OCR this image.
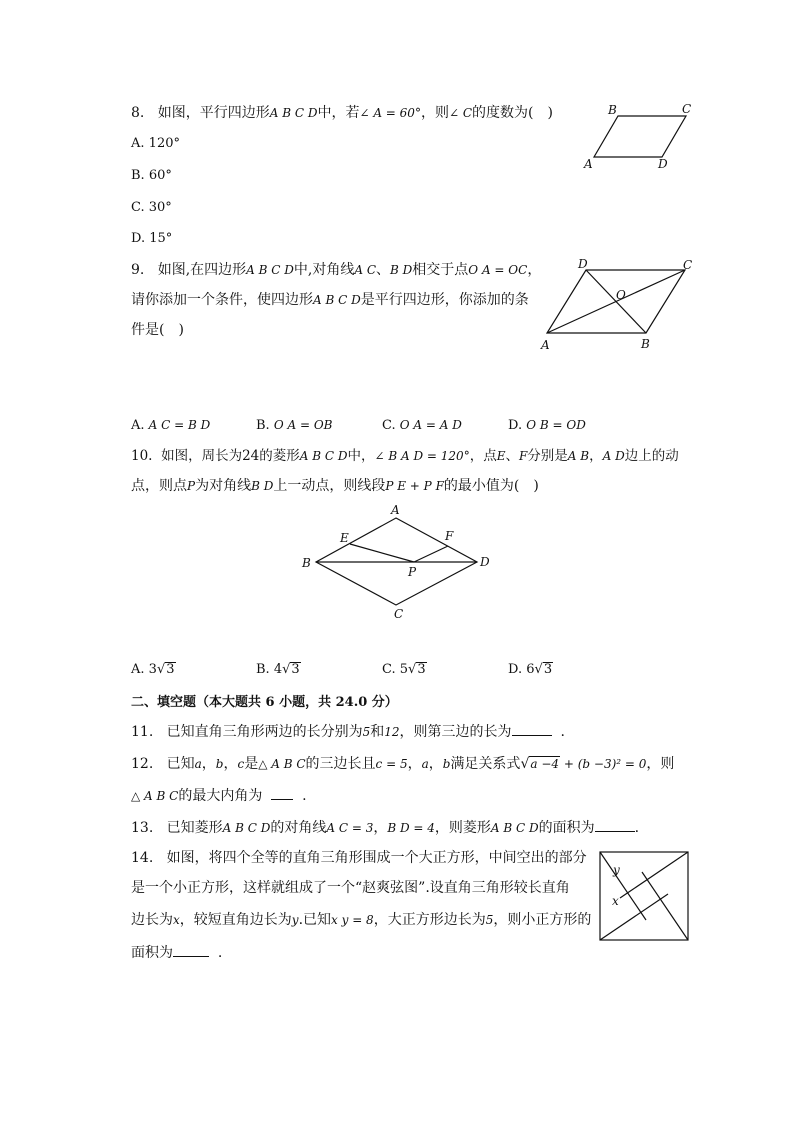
8. 如图，平行四边形A B C D中，若∠ A = 60°，则∠ C的度数为(　)
A. 120°
B. 60°
C. 30°
D. 15°
B	C
A	D
9. 如图,在四边形A B C D中,对角线A C、B D相交于点O A = OC，
请你添加一个条件，使四边形A B C D是平行四边形，你添加的条
件是(　)
D	C
O
A	B
A. A C = B D	B. O A = OB	C. O A = A D	D. O B = OD
10. 如图，周长为24的菱形A B C D中，∠ B A D = 120°，点E、F分别是A B，A D边上的动
点，则点P为对角线B D上一动点，则线段P E + P F的最小值为(　)
A
E	F
B
P
D
C
A. 3√3	B. 4√3	C. 5√3	D. 6√3
二、填空题（本大题共 6 小题，共 24.0 分）
11. 已知直角三角形两边的长分别为5和12，则第三边的长为	.
12. 已知a，b，c是△ A B C的三边长且c = 5，a，b满足关系式√a −4 + (b −3)² = 0，则
△ A B C的最大内角为	.
13. 已知菱形A B C D的对角线A C = 3，B D = 4，则菱形A B C D的面积为	.
14. 如图，将四个全等的直角三角形围成一个大正方形，中间空出的部分
是一个小正方形，这样就组成了一个“赵爽弦图”.设直角三角形较长直角
边长为x，较短直角边长为y.已知x y = 8，大正方形边长为5，则小正方形的
面积为	.
y
x
